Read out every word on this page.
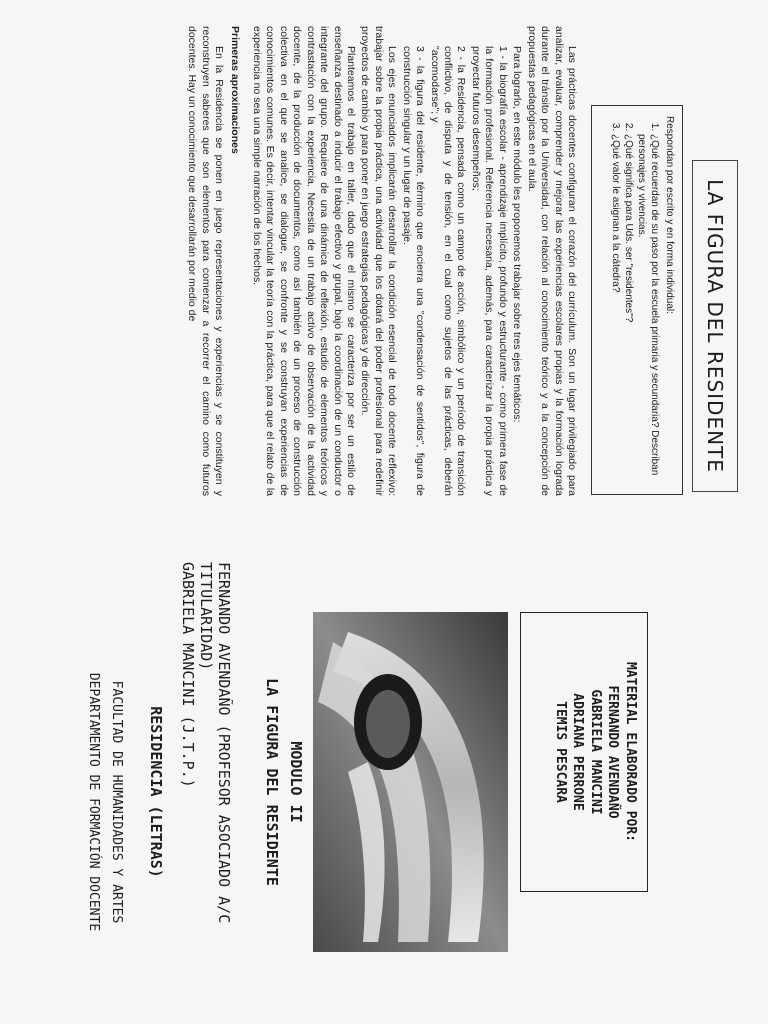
LA FIGURA DEL RESIDENTE
Respondan por escrito y en forma individual:
1. ¿Qué recuerdan de su paso por la escuela primaria y secundaria? Describan personajes y vivencias.
2. ¿Qué significa para Uds. ser "residentes"?
3. ¿Qué valor le asignan a la cátedra?

Las prácticas docentes configuran el corazón del currículum. Son un lugar privilegiado para analizar, evaluar, comprender y mejorar las experiencias escolares propias y la formación lograda durante el tránsito por la Universidad, con relación al conocimiento teórico y a la concepción de propuestas pedagógicas en el aula.

Para lograrlo, en este módulo les proponemos trabajar sobre tres ejes temáticos:

1 - la biografía escolar - aprendizaje implícito, profundo y estructurante - como primera fase de la formación profesional. Referencia necesaria, además, para caracterizar la propia práctica y proyectar futuros desempeños;
2 - la Residencia, pensada como un campo de acción, simbólico y un período de transición conflictivo, de disputa y de tensión, en el cual como sujetos de las prácticas, deberán "acomodarse"; y
3 - la figura del residente, término que encierra una "condensación de sentidos", figura de construcción singular y un lugar de pasaje.

Los ejes enunciados implicarán desarrollar la condición esencial de todo docente reflexivo: trabajar sobre la propia práctica, una actividad que los dotará del poder profesional para redefinir proyectos de cambio y para poner en juego estrategias pedagógicas y de dirección.

Planteamos el trabajo en taller, dado que el mismo se caracteriza por ser un estilo de enseñanza destinado a inducir el trabajo efectivo y grupal, bajo la coordinación de un conductor o integrante del grupo. Requiere de una dinámica de reflexión, estudio de elementos teóricos y contrastación con la experiencia. Necesita de un trabajo activo de observación de la actividad docente, de la producción de documentos, como así también de un proceso de construcción colectiva en el que se analice, se dialogue, se confronte y se construyan experiencias de conocimientos comunes. Es decir, intentar vincular la teoría con la práctica, para que el relato de la experiencia no sea una simple narración de los hechos.

Primeras aproximaciones

En la Residencia se ponen en juego representaciones y experiencias y se constituyen y reconstruyen saberes que son elementos para comenzar a recorrer el camino como futuros docentes. Hay un conocimiento que desarrollarán por medio de

MATERIAL ELABORADO POR:
FERNANDO AVENDAÑO
GABRIELA MANCINI
ADRIANA PERRONE
TEMIS PESCARA
MODULO II
LA FIGURA DEL RESIDENTE
FERNANDO AVENDAÑO (PROFESOR ASOCIADO A/C TITULARIDAD)
GABRIELA MANCINI (J.T.P.)
RESIDENCIA (LETRAS)
FACULTAD DE HUMANIDADES Y ARTES
DEPARTAMENTO DE FORMACIÓN DOCENTE
